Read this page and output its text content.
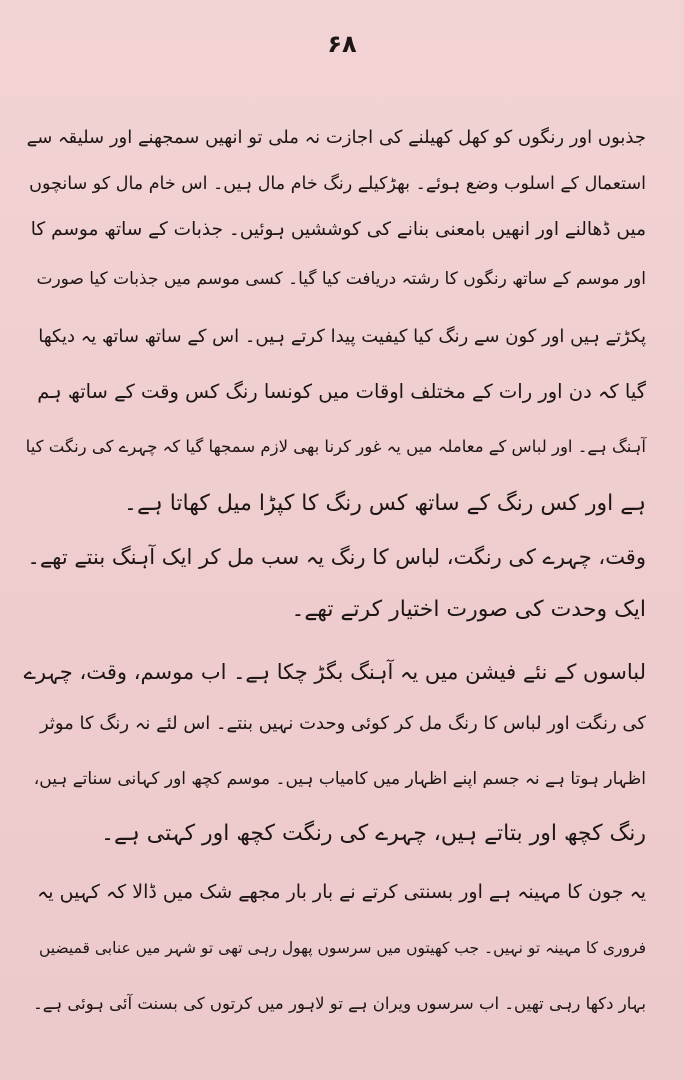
۶۸
جذبوں اور رنگوں کو کھل کھیلنے کی اجازت نہ ملی تو انھیں سمجھنے اور سلیقہ سے
استعمال کے اسلوب وضع ہوئے۔ بھڑکیلے رنگ خام مال ہیں۔ اس خام مال کو سانچوں
میں ڈھالنے اور انھیں بامعنی بنانے کی کوششیں ہوئیں۔ جذبات کے ساتھ موسم کا
اور موسم کے ساتھ رنگوں کا رشتہ دریافت کیا گیا۔ کسی موسم میں جذبات کیا صورت
پکڑتے ہیں اور کون سے رنگ کیا کیفیت پیدا کرتے ہیں۔ اس کے ساتھ ساتھ یہ دیکھا
گیا کہ دن اور رات کے مختلف اوقات میں کونسا رنگ کس وقت کے ساتھ ہم
آہنگ ہے۔ اور لباس کے معاملہ میں یہ غور کرنا بھی لازم سمجھا گیا کہ چہرے کی رنگت کیا
ہے اور کس رنگ کے ساتھ کس رنگ کا کپڑا میل کھاتا ہے۔
وقت، چہرے کی رنگت، لباس کا رنگ یہ سب مل کر ایک آہنگ بنتے تھے۔
ایک وحدت کی صورت اختیار کرتے تھے۔
لباسوں کے نئے فیشن میں یہ آہنگ بگڑ چکا ہے۔ اب موسم، وقت، چہرے
کی رنگت اور لباس کا رنگ مل کر کوئی وحدت نہیں بنتے۔ اس لئے نہ رنگ کا موثر
اظہار ہوتا ہے نہ جسم اپنے اظہار میں کامیاب ہیں۔ موسم کچھ اور کہانی سناتے ہیں،
رنگ کچھ اور بتاتے ہیں، چہرے کی رنگت کچھ اور کہتی ہے۔
یہ جون کا مہینہ ہے اور بسنتی کرتے نے بار بار مجھے شک میں ڈالا کہ کہیں یہ
فروری کا مہینہ تو نہیں۔ جب کھیتوں میں سرسوں پھول رہی تھی تو شہر میں عنابی قمیضیں
بہار دکھا رہی تھیں۔ اب سرسوں ویران ہے تو لاہور میں کرتوں کی بسنت آئی ہوئی ہے۔
